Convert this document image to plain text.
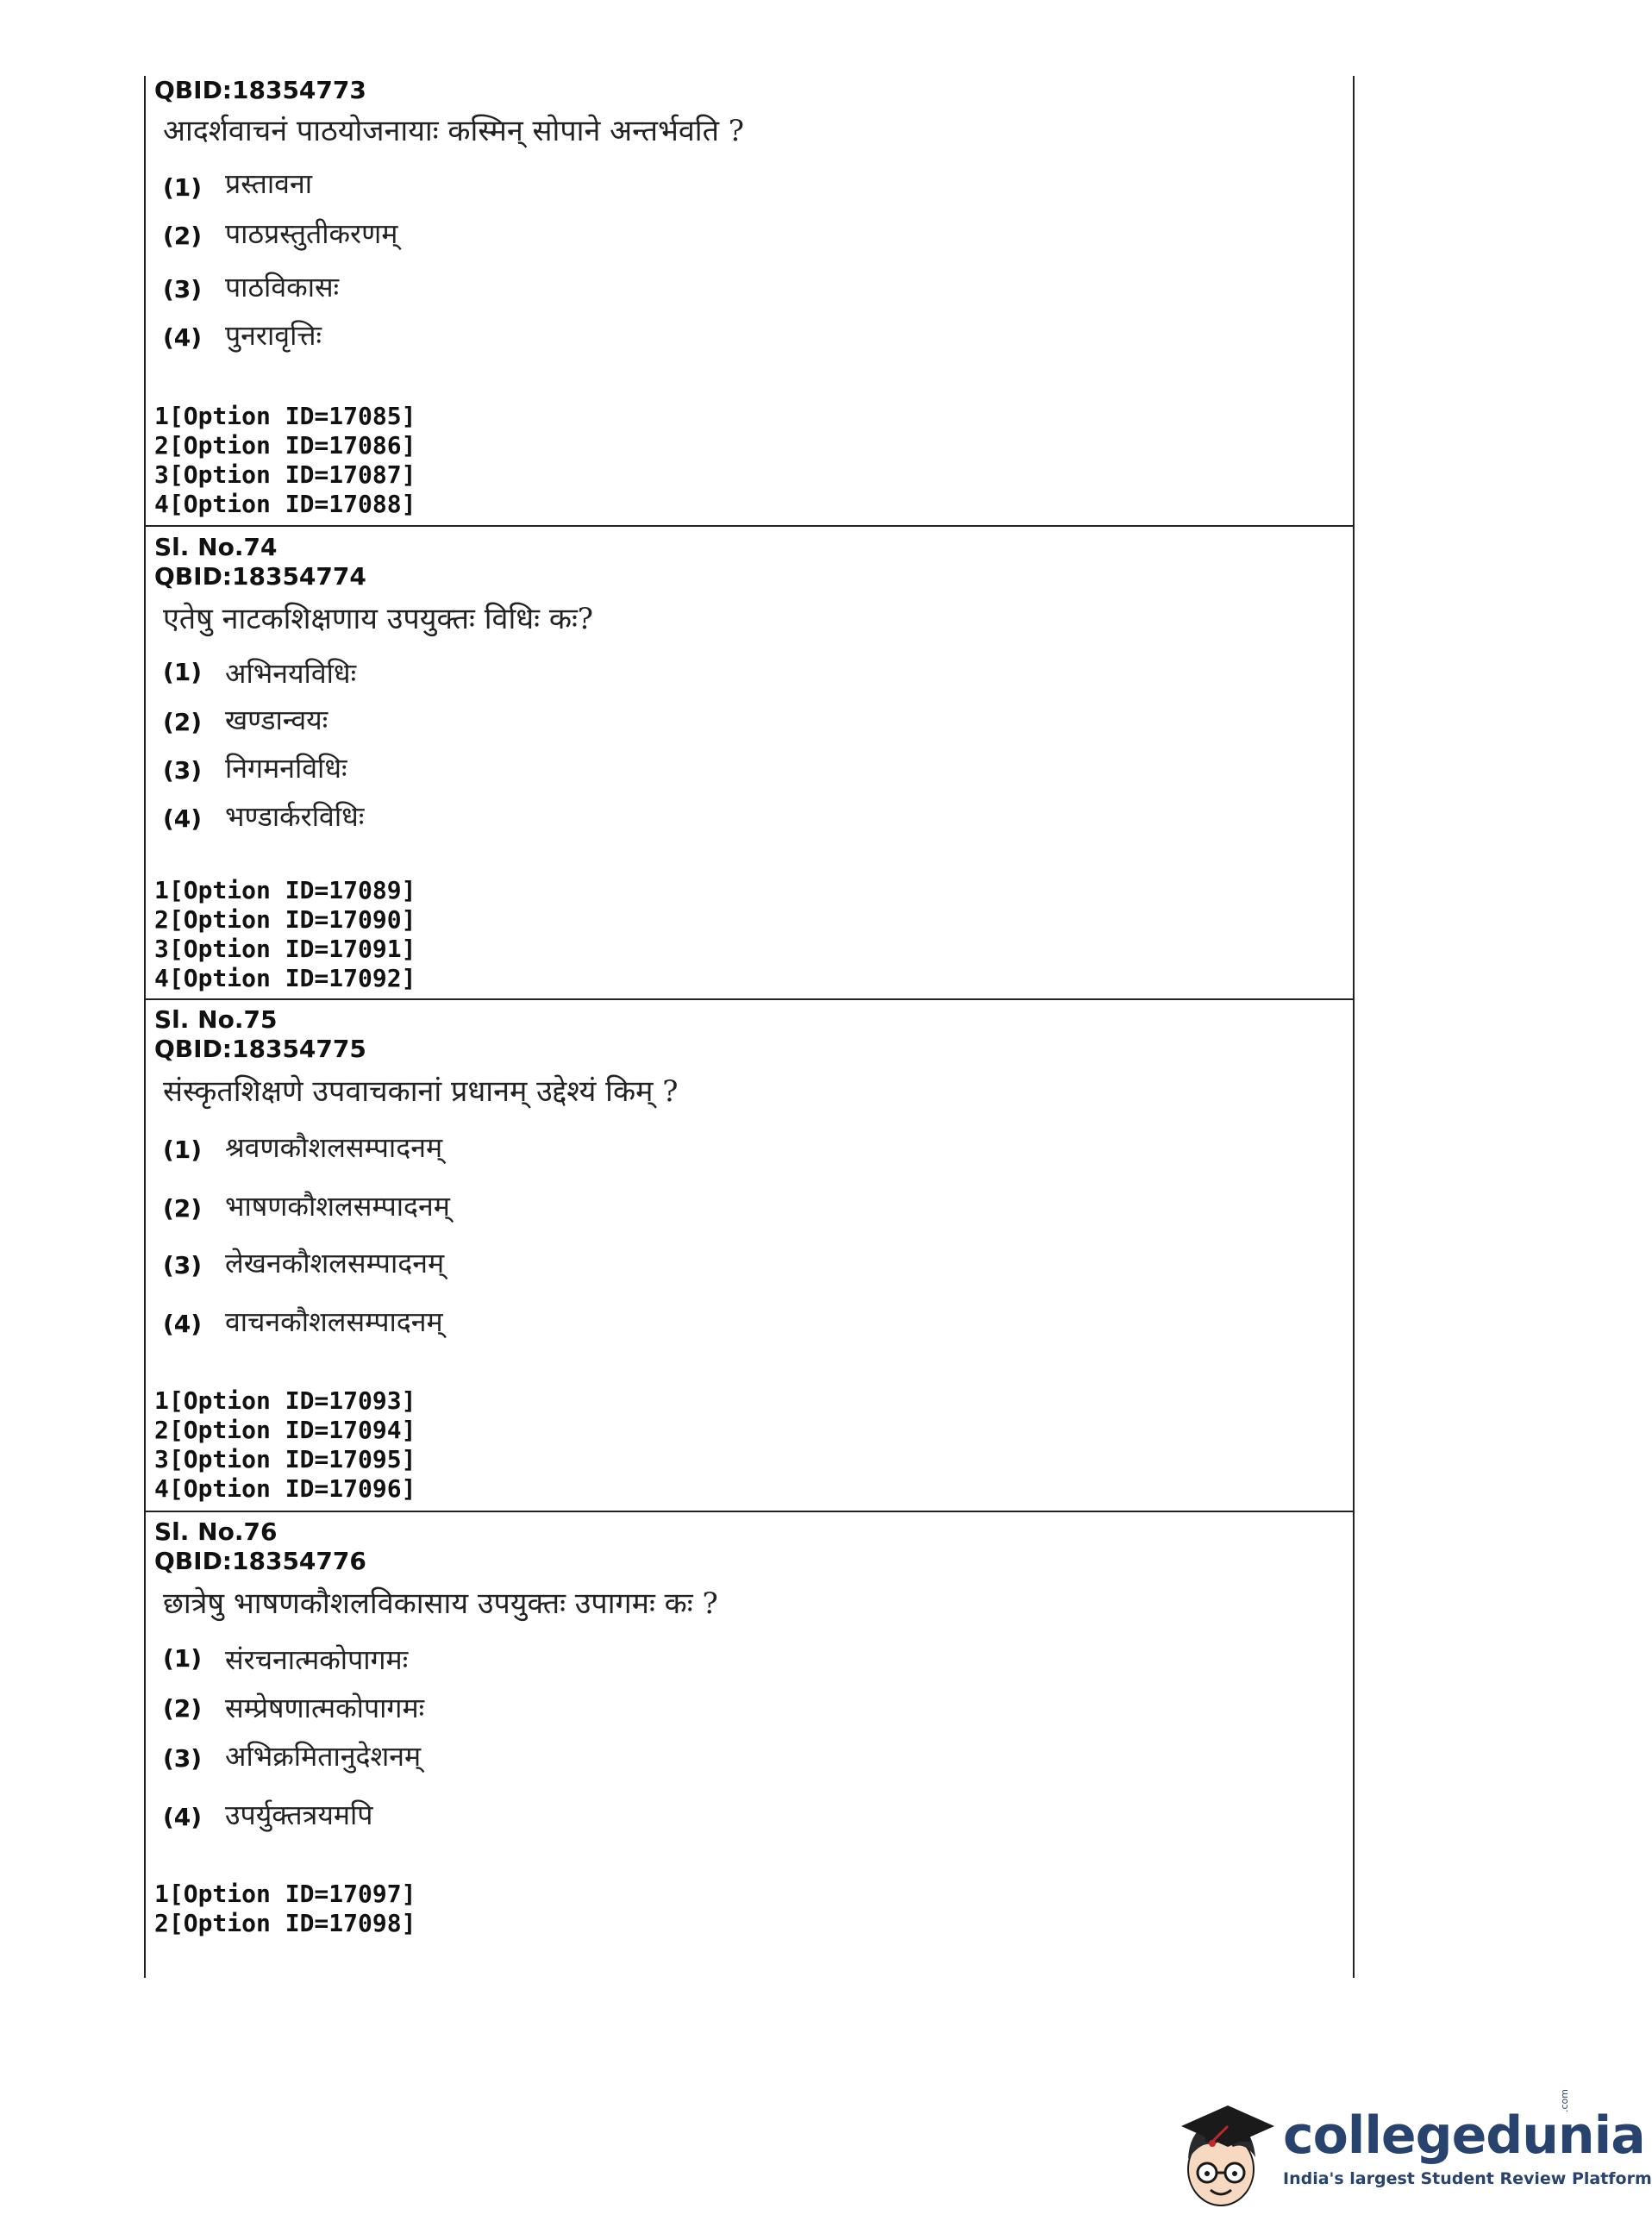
QBID:18354773
आदर्शवाचनं पाठयोजनायाः कस्मिन् सोपाने अन्तर्भवति ?
(1) प्रस्तावना
(2) पाठप्रस्तुतीकरणम्
(3) पाठविकासः
(4) पुनरावृत्तिः
1[Option ID=17085]
2[Option ID=17086]
3[Option ID=17087]
4[Option ID=17088]
Sl. No.74
QBID:18354774
एतेषु नाटकशिक्षणाय उपयुक्तः विधिः कः?
(1) अभिनयविधिः
(2) खण्डान्वयः
(3) निगमनविधिः
(4) भण्डार्करविधिः
1[Option ID=17089]
2[Option ID=17090]
3[Option ID=17091]
4[Option ID=17092]
Sl. No.75
QBID:18354775
संस्कृतशिक्षणे उपवाचकानां प्रधानम् उद्देश्यं किम् ?
(1) श्रवणकौशलसम्पादनम्
(2) भाषणकौशलसम्पादनम्
(3) लेखनकौशलसम्पादनम्
(4) वाचनकौशलसम्पादनम्
1[Option ID=17093]
2[Option ID=17094]
3[Option ID=17095]
4[Option ID=17096]
Sl. No.76
QBID:18354776
छात्रेषु भाषणकौशलविकासाय उपयुक्तः उपागमः कः ?
(1) संरचनात्मकोपागमः
(2) सम्प्रेषणात्मकोपागमः
(3) अभिक्रमितानुदेशनम्
(4) उपर्युक्तत्रयमपि
1[Option ID=17097]
2[Option ID=17098]
collegedunia
.com
India's largest Student Review Platform
